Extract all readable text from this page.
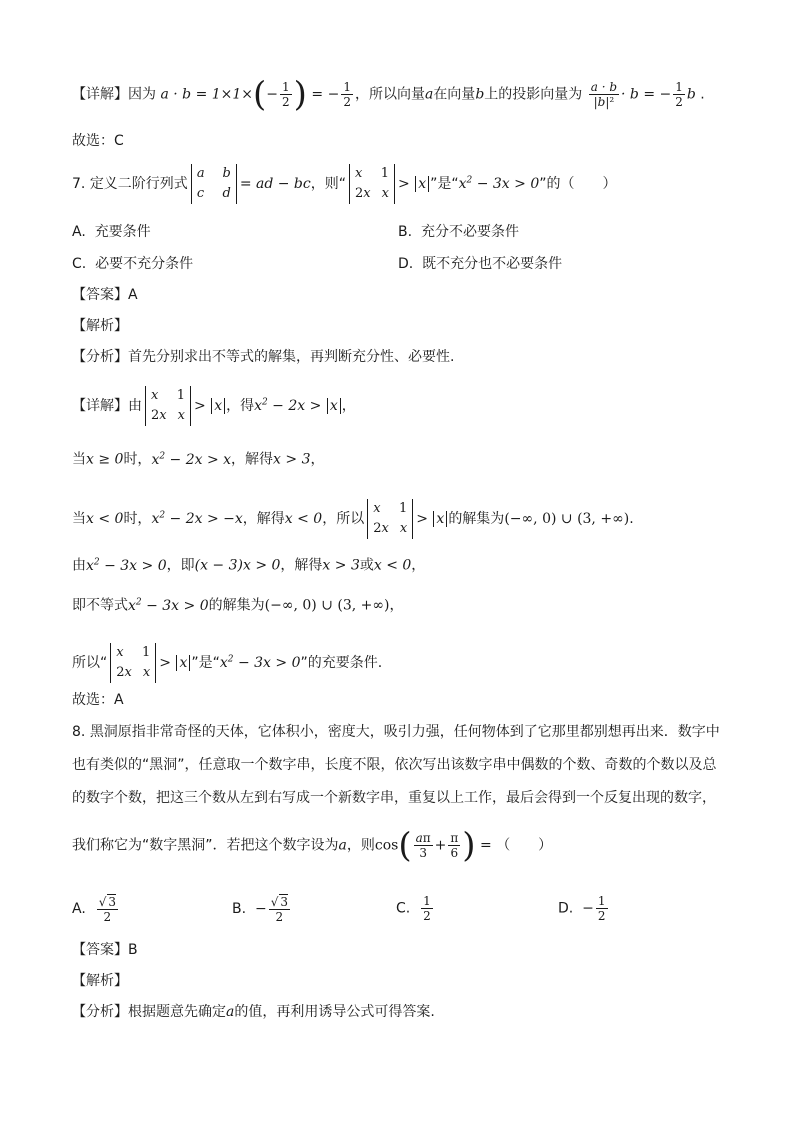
【详解】因为 $a \cdot b = 1\times 1\times(- \frac{1}{2}$ ) = − $\frac{1}{2}$ ，所以向量a在向量b上的投影向量为 $\frac{a \cdot b}{\text{|b|²}} \cdot b$ = − $\frac{1}{2}$ b .
故选：C
7. 定义二阶行列式
a b
c d
= ad − bc，则“
x 1
2x x
> x ”是“$x^2 - 3x > 0$”的（　　）
A. 充要条件	B. 充分不必要条件
C. 必要不充分条件	D. 既不充分也不必要条件
【答案】A
【解析】
【分析】首先分别求出不等式的解集，再判断充分性、必要性.
【详解】由
x 1
2x x
> x ，得$x^2 - 2x > x$ ，
当x ≥ 0时，$x^2 - 2x > x$，解得x > 3，
当x < 0时，$x^2 - 2x > -x$，解得x < 0，所以
x 1
2x x
> x 的解集为(−∞, 0) ∪ (3, +∞).
由$x^2 - 3x > 0$，即(x − 3)x > 0，解得x > 3或x < 0，
即不等式$x^2 - 3x > 0$的解集为(−∞, 0) ∪ (3, +∞)，
所以“
x 1
2x x
> x ”是“$x^2 - 3x > 0$”的充要条件.
故选：A
8. 黑洞原指非常奇怪的天体，它体积小，密度大，吸引力强，任何物体到了它那里都别想再出来．数字中
也有类似的“黑洞”，任意取一个数字串，长度不限，依次写出该数字串中偶数的个数、奇数的个数以及总
的数字个数，把这三个数从左到右写成一个新数字串，重复以上工作，最后会得到一个反复出现的数字，
我们称它为“数字黑洞”．若把这个数字设为a，则$\cos( \frac{a\pi}{3} + \frac{\pi}{6}$ ) = （　　）
A. $\frac{√ 3}{2}$	B. − $\frac{√ 3}{2}$	C. $\frac{1}{2}$	D. − $\frac{1}{2}$
【答案】B
【解析】
【分析】根据题意先确定a的值，再利用诱导公式可得答案.
